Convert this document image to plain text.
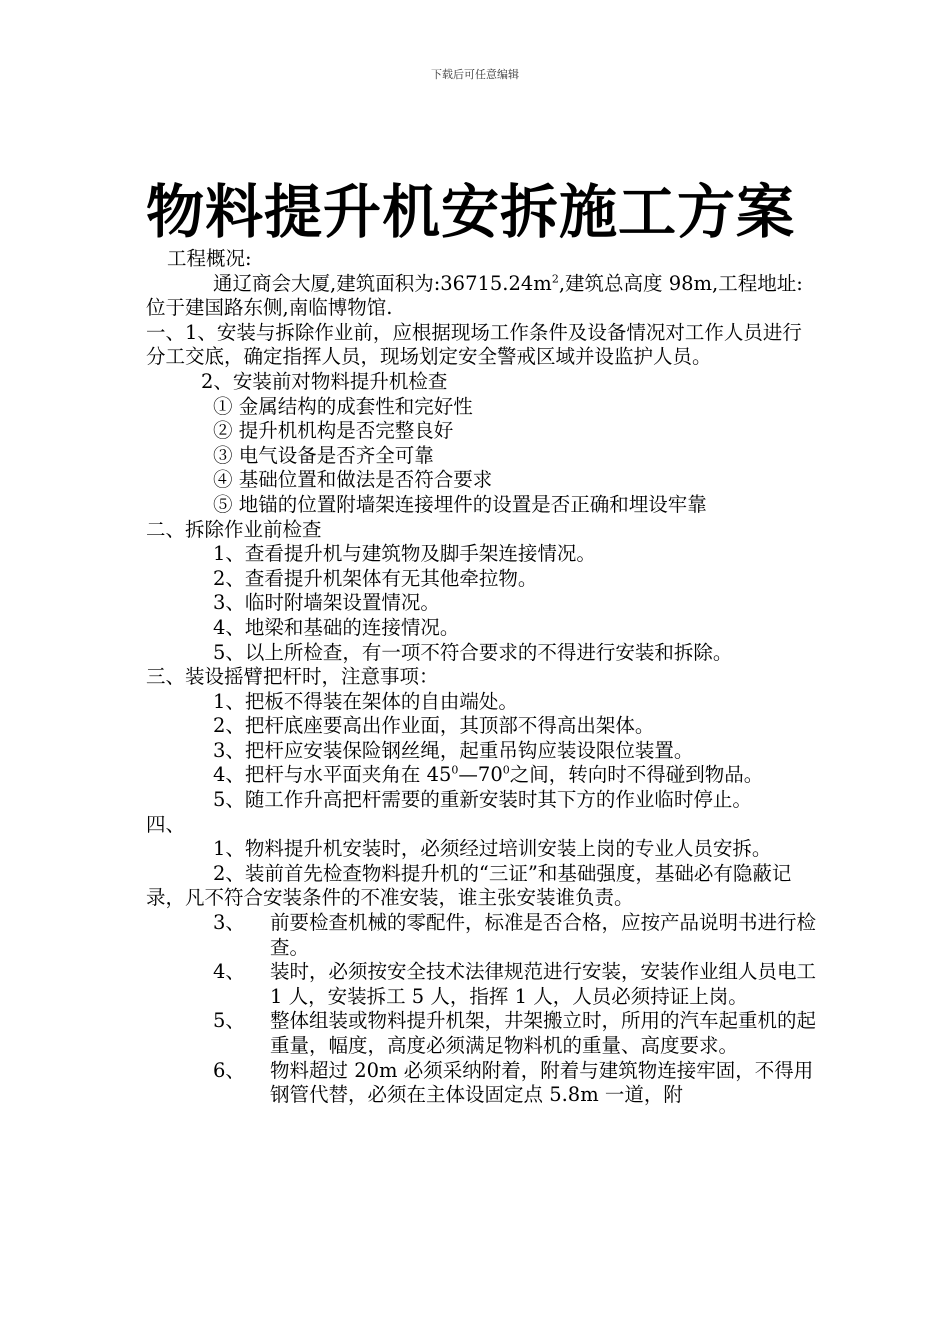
下载后可任意编辑
物料提升机安拆施工方案

工程概况:

通辽商会大厦,建筑面积为$:36715.24m^2$,建筑总高度 98m,工程地址:位于建国路东侧,南临博物馆.

一、1、安装与拆除作业前，应根据现场工作条件及设备情况对工作人员进行分工交底，确定指挥人员，现场划定安全警戒区域并设监护人员。

2、安装前对物料提升机检查

① 金属结构的成套性和完好性

② 提升机机构是否完整良好

③ 电气设备是否齐全可靠

④ 基础位置和做法是否符合要求

⑤ 地锚的位置附墙架连接埋件的设置是否正确和埋设牢靠

二、拆除作业前检查

1、查看提升机与建筑物及脚手架连接情况。

2、查看提升机架体有无其他牵拉物。

3、临时附墙架设置情况。

4、地梁和基础的连接情况。

5、以上所检查，有一项不符合要求的不得进行安装和拆除。

三、装设摇臂把杆时，注意事项：

1、把板不得装在架体的自由端处。

2、把杆底座要高出作业面，其顶部不得高出架体。

3、把杆应安装保险钢丝绳，起重吊钩应装设限位装置。

4、把杆与水平面夹角在 $45^0—70^0$之间，转向时不得碰到物品。

5、随工作升高把杆需要的重新安装时其下方的作业临时停止。

四、

1、物料提升机安装时，必须经过培训安装上岗的专业人员安拆。

2、装前首先检查物料提升机的“三证”和基础强度，基础必有隐蔽记录，凡不符合安装条件的不准安装，谁主张安装谁负责。

3、	前要检查机械的零配件，标准是否合格，应按产品说明书进行检查。
4、	装时，必须按安全技术法律规范进行安装，安装作业组人员电工 1 人，安装拆工 5 人，指挥 1 人，人员必须持证上岗。
5、	整体组装或物料提升机架，井架搬立时，所用的汽车起重机的起重量，幅度，高度必须满足物料机的重量、高度要求。
6、	物料超过 20m 必须采纳附着，附着与建筑物连接牢固，不得用钢管代替，必须在主体设固定点 5.8m 一道，附
